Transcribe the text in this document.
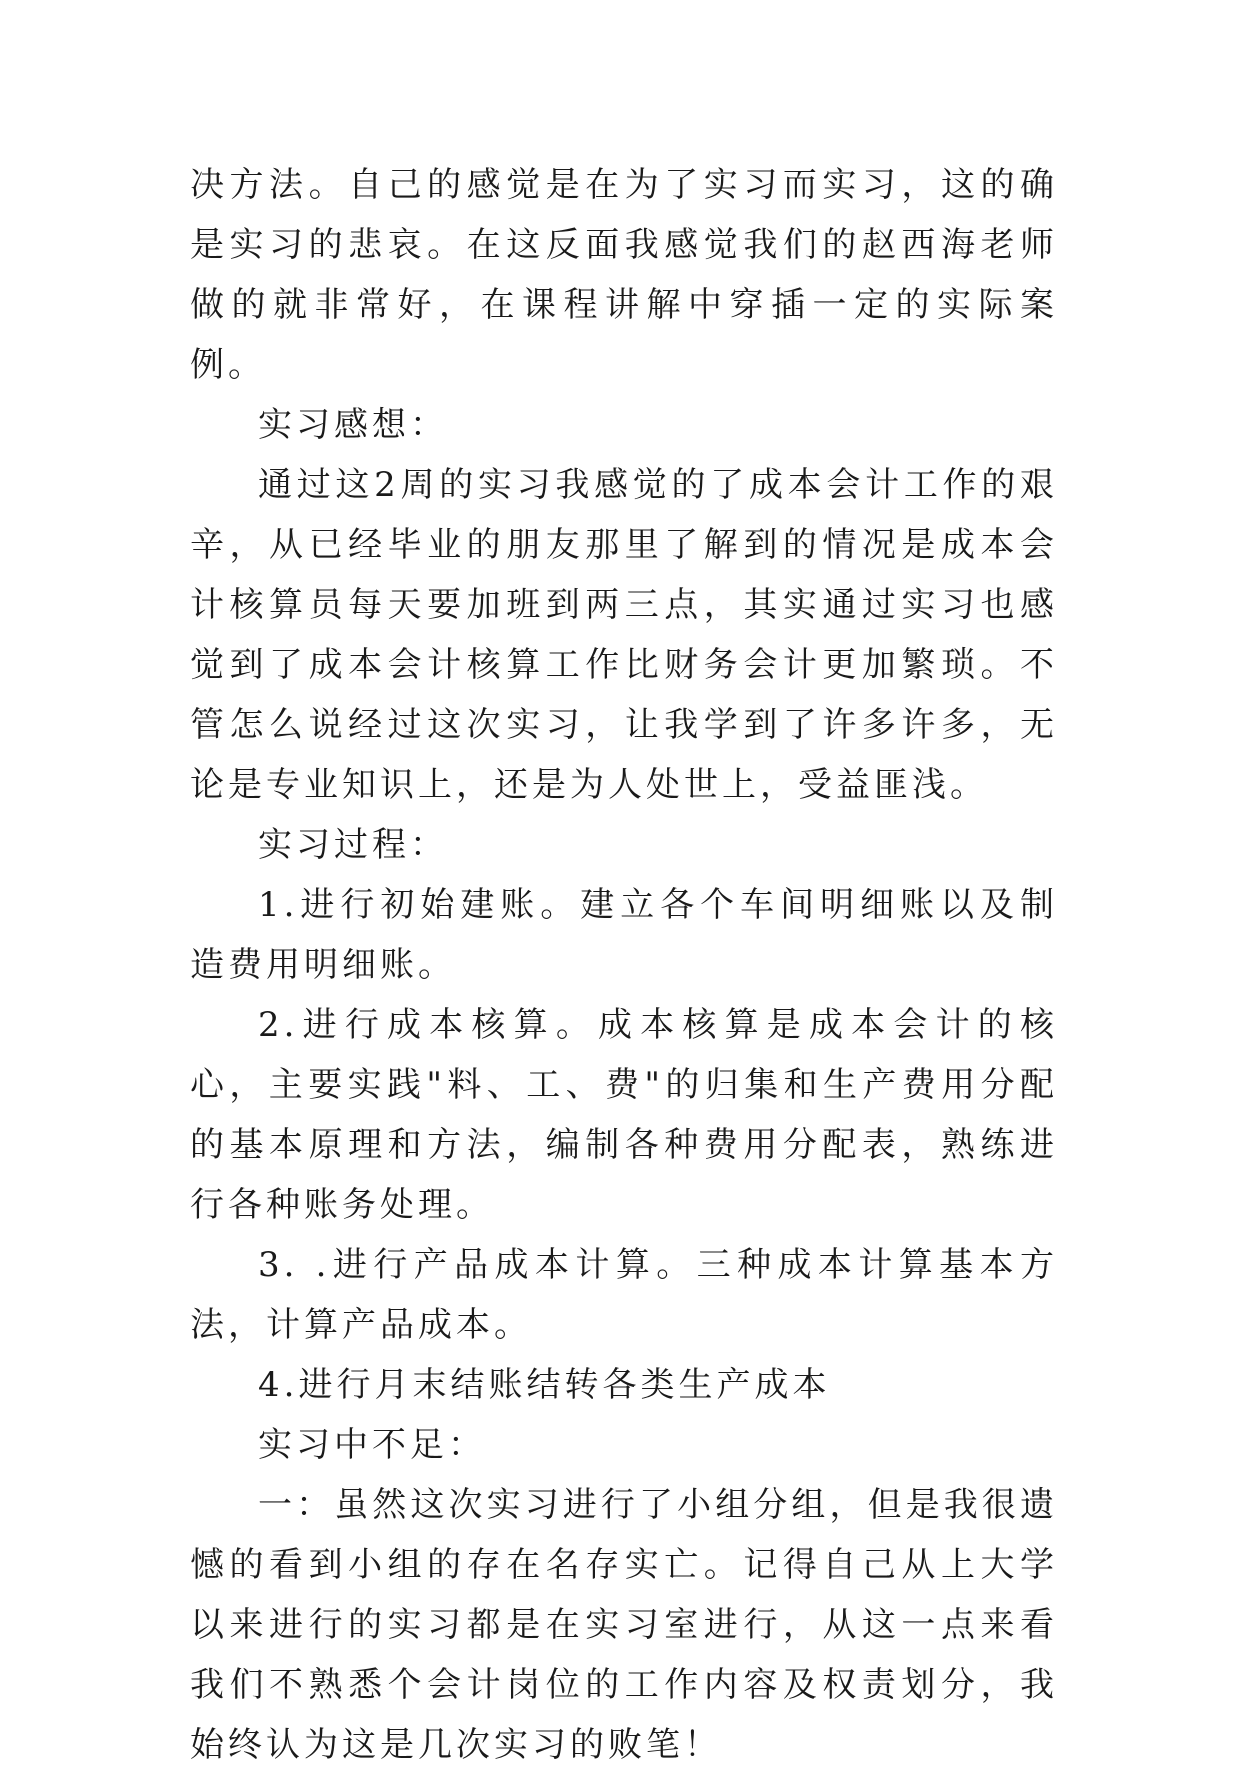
决方法。自己的感觉是在为了实习而实习，这的确是实习的悲哀。在这反面我感觉我们的赵西海老师做的就非常好，在课程讲解中穿插一定的实际案例。

实习感想：

通过这2周的实习我感觉的了成本会计工作的艰辛，从已经毕业的朋友那里了解到的情况是成本会计核算员每天要加班到两三点，其实通过实习也感觉到了成本会计核算工作比财务会计更加繁琐。不管怎么说经过这次实习，让我学到了许多许多，无论是专业知识上，还是为人处世上，受益匪浅。

实习过程：

1.进行初始建账。建立各个车间明细账以及制造费用明细账。

2.进行成本核算。成本核算是成本会计的核心，主要实践"料、工、费"的归集和生产费用分配的基本原理和方法，编制各种费用分配表，熟练进行各种账务处理。

3. .进行产品成本计算。三种成本计算基本方法，计算产品成本。

4.进行月末结账结转各类生产成本

实习中不足：

一：虽然这次实习进行了小组分组，但是我很遗憾的看到小组的存在名存实亡。记得自己从上大学以来进行的实习都是在实习室进行，从这一点来看我们不熟悉个会计岗位的工作内容及权责划分，我始终认为这是几次实习的败笔！
